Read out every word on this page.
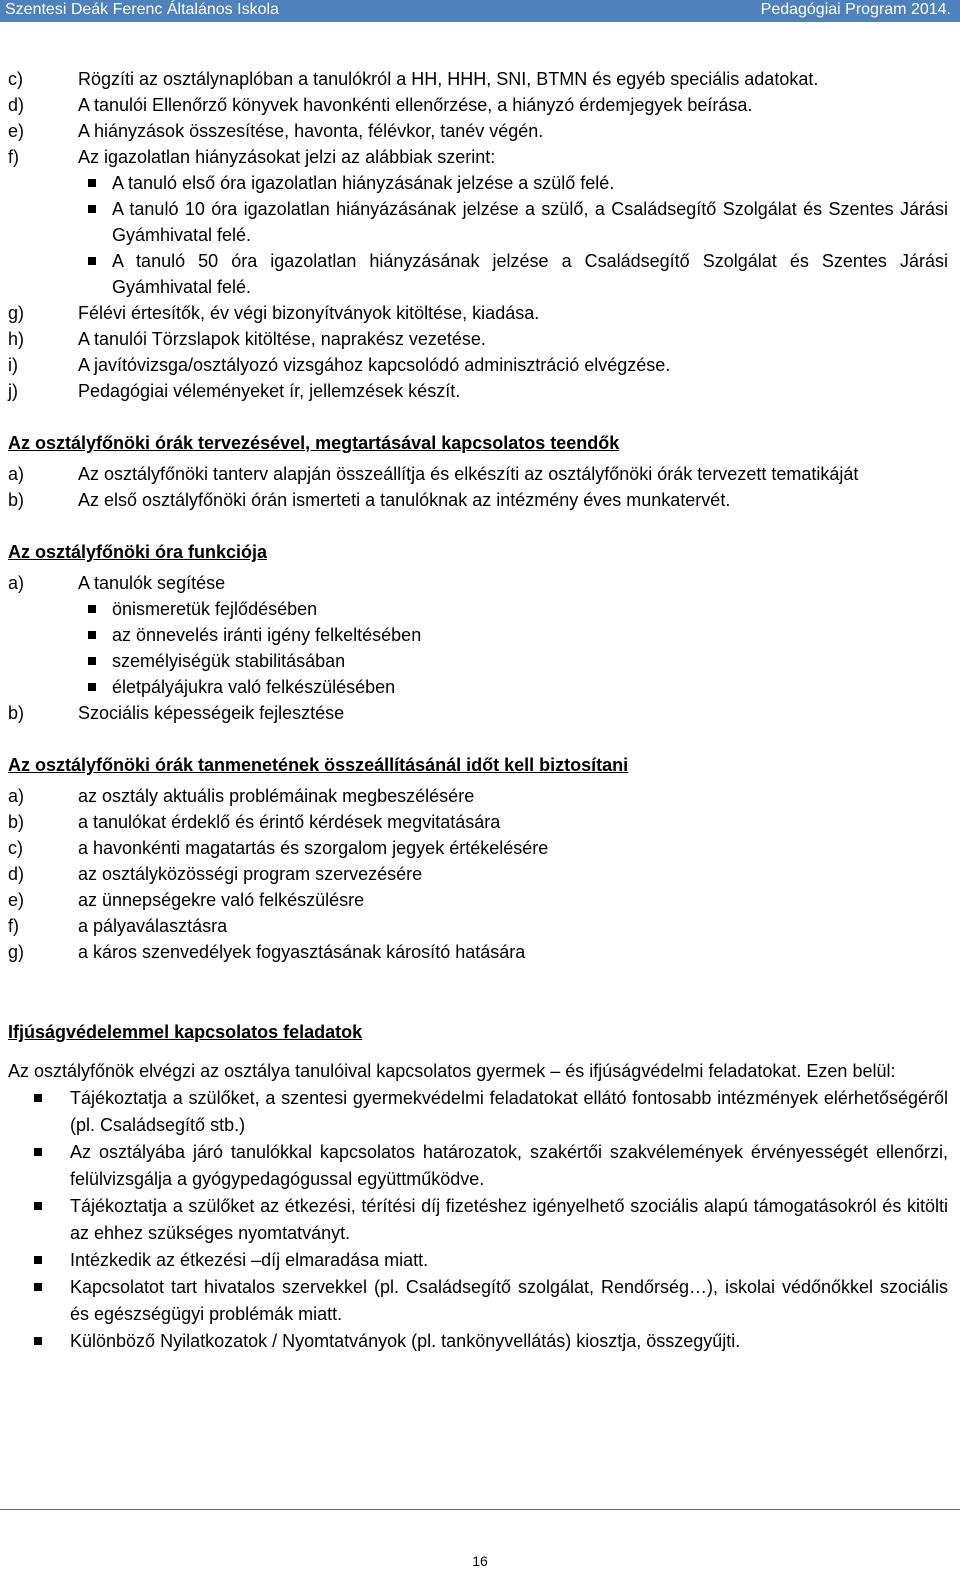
Szentesi Deák Ferenc Általános Iskola	Pedagógiai Program 2014.
c)	Rögzíti az osztálynaplóban a tanulókról a HH, HHH, SNI, BTMN és egyéb speciális adatokat.
d)	A tanulói Ellenőrző könyvek havonkénti ellenőrzése, a hiányzó érdemjegyek beírása.
e)	A hiányzások összesítése, havonta, félévkor, tanév végén.
f)	Az igazolatlan hiányzásokat jelzi az alábbiak szerint:
A tanuló első óra igazolatlan hiányzásának jelzése a szülő felé.
A tanuló 10 óra igazolatlan hiányázásának jelzése a szülő, a Családsegítő Szolgálat és Szentes Járási Gyámhivatal felé.
A tanuló 50 óra igazolatlan hiányzásának jelzése a Családsegítő Szolgálat és Szentes Járási Gyámhivatal felé.
g)	Félévi értesítők, év végi bizonyítványok kitöltése, kiadása.
h)	A tanulói Törzslapok kitöltése, naprakész vezetése.
i)	A javítóvizsga/osztályozó vizsgához kapcsolódó adminisztráció elvégzése.
j)	Pedagógiai véleményeket ír, jellemzések készít.
Az osztályfőnöki órák tervezésével, megtartásával kapcsolatos teendők
a)	Az osztályfőnöki tanterv alapján összeállítja és elkészíti az osztályfőnöki órák tervezett tematikáját
b)	Az első osztályfőnöki órán ismerteti a tanulóknak az intézmény éves munkatervét.
Az osztályfőnöki óra funkciója
a)	A tanulók segítése
önismeretük fejlődésében
az önnevelés iránti igény felkeltésében
személyiségük stabilitásában
életpályájukra való felkészülésében
b)	Szociális képességeik fejlesztése
Az osztályfőnöki órák tanmenetének összeállításánál időt kell biztosítani
a)	az osztály aktuális problémáinak megbeszélésére
b)	a tanulókat érdeklő és érintő kérdések megvitatására
c)	a havonkénti magatartás és szorgalom jegyek értékelésére
d)	az osztályközösségi program szervezésére
e)	az ünnepségekre való felkészülésre
f)	a pályaválasztásra
g)	a káros szenvedélyek fogyasztásának károsító hatására
Ifjúságvédelemmel kapcsolatos feladatok
Az osztályfőnök elvégzi az osztálya tanulóival kapcsolatos gyermek – és ifjúságvédelmi feladatokat. Ezen belül:
Tájékoztatja a szülőket, a szentesi gyermekvédelmi feladatokat ellátó fontosabb intézmények elérhetőségéről (pl. Családsegítő stb.)
Az osztályába járó tanulókkal kapcsolatos határozatok, szakértői szakvélemények érvényességét ellenőrzi, felülvizsgálja a gyógypedagógussal együttműködve.
Tájékoztatja a szülőket az étkezési, térítési díj fizetéshez igényelhető szociális alapú támogatásokról és kitölti az ehhez szükséges nyomtatványt.
Intézkedik az étkezési –díj elmaradása miatt.
Kapcsolatot tart hivatalos szervekkel (pl. Családsegítő szolgálat, Rendőrség…), iskolai védőnőkkel szociális és egészségügyi problémák miatt.
Különböző Nyilatkozatok / Nyomtatványok (pl. tankönyvellátás) kiosztja, összegyűjti.
16
